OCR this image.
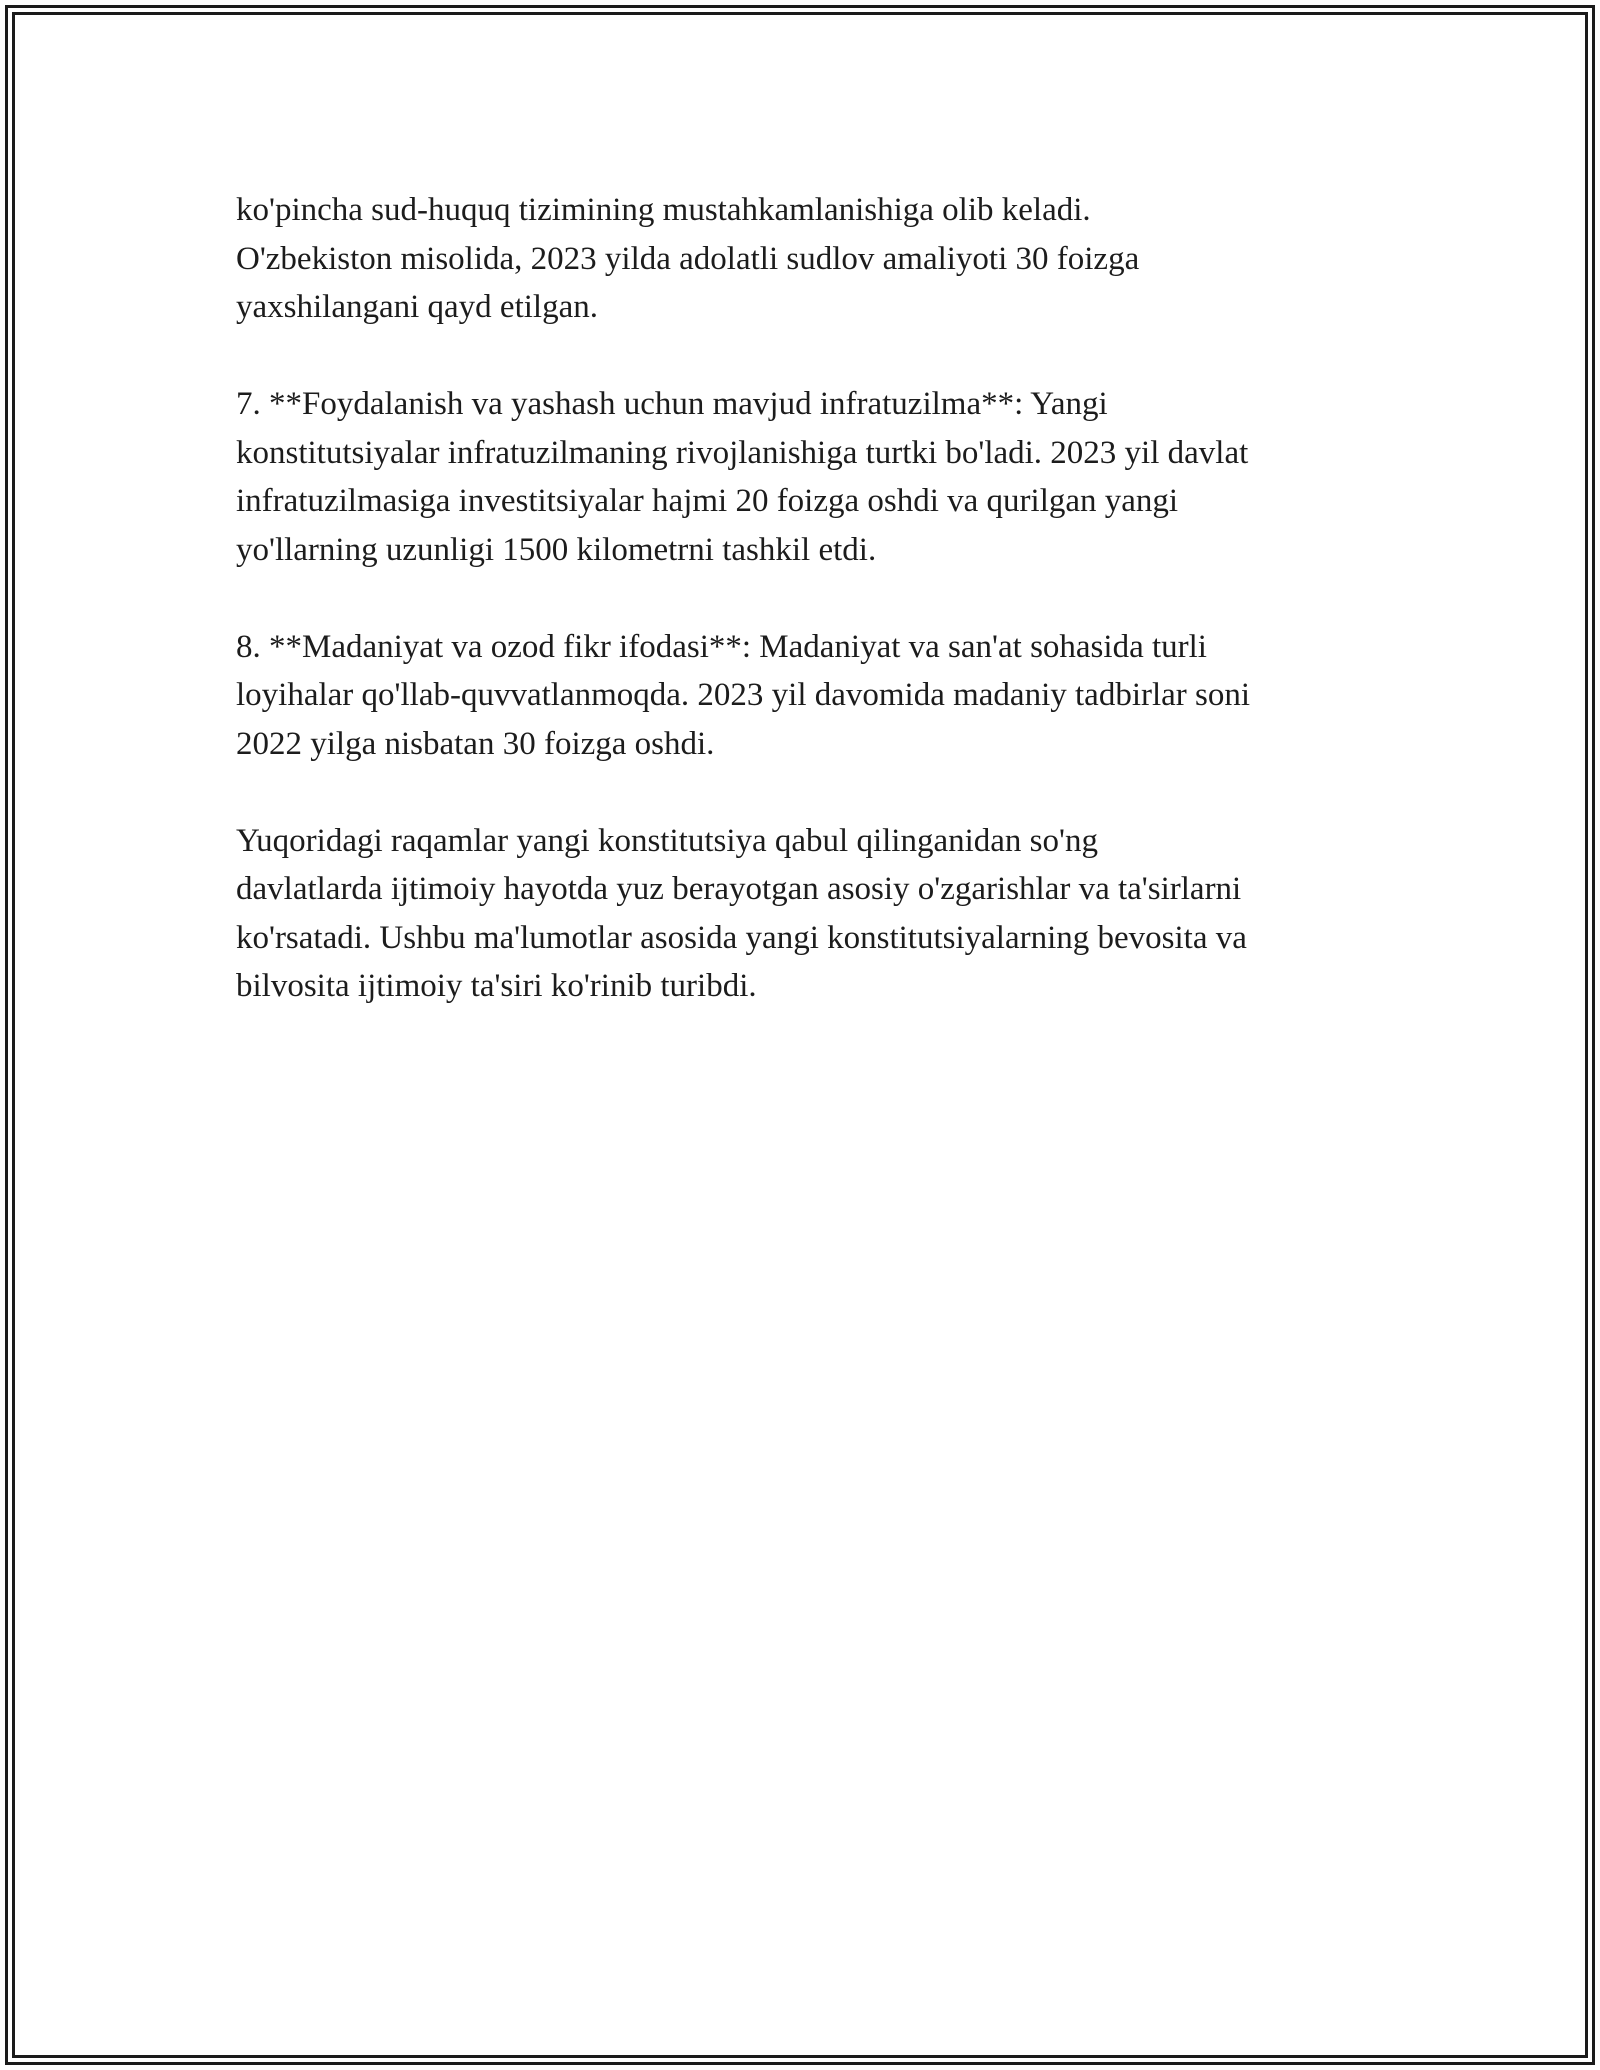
ko'pincha sud-huquq tizimining mustahkamlanishiga olib keladi.
O'zbekiston misolida, 2023 yilda adolatli sudlov amaliyoti 30 foizga
yaxshilangani qayd etilgan.

7. **Foydalanish va yashash uchun mavjud infratuzilma**: Yangi
konstitutsiyalar infratuzilmaning rivojlanishiga turtki bo'ladi. 2023 yil davlat
infratuzilmasiga investitsiyalar hajmi 20 foizga oshdi va qurilgan yangi
yo'llarning uzunligi 1500 kilometrni tashkil etdi.

8. **Madaniyat va ozod fikr ifodasi**: Madaniyat va san'at sohasida turli
loyihalar qo'llab-quvvatlanmoqda. 2023 yil davomida madaniy tadbirlar soni
2022 yilga nisbatan 30 foizga oshdi.

Yuqoridagi raqamlar yangi konstitutsiya qabul qilinganidan so'ng
davlatlarda ijtimoiy hayotda yuz berayotgan asosiy o'zgarishlar va ta'sirlarni
ko'rsatadi. Ushbu ma'lumotlar asosida yangi konstitutsiyalarning bevosita va
bilvosita ijtimoiy ta'siri ko'rinib turibdi.
